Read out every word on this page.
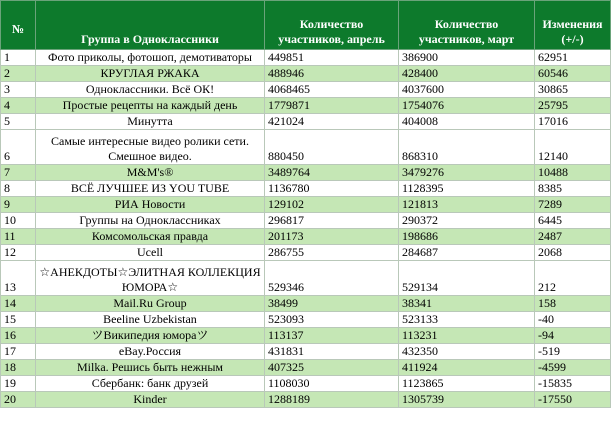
№	Группа в Одноклассники	Количество участников, апрель	Количество участников, март	Изменения (+/-)
1	Фото приколы, фотошоп, демотиваторы	449851	386900	62951
2	КРУГЛАЯ РЖАКА	488946	428400	60546
3	Одноклассники. Всё ОК!	4068465	4037600	30865
4	Простые рецепты на каждый день	1779871	1754076	25795
5	Минутта	421024	404008	17016
6	Самые интересные видео ролики сети. Смешное видео.	880450	868310	12140
7	M&M's®	3489764	3479276	10488
8	ВСЁ ЛУЧШЕЕ ИЗ YOU TUBE	1136780	1128395	8385
9	РИА Новости	129102	121813	7289
10	Группы на Одноклассниках	296817	290372	6445
11	Комсомольская правда	201173	198686	2487
12	Ucell	286755	284687	2068
13	☆АНЕКДОТЫ☆ЭЛИТНАЯ КОЛЛЕКЦИЯ ЮМОРА☆	529346	529134	212
14	Mail.Ru Group	38499	38341	158
15	Beeline Uzbekistan	523093	523133	-40
16	ツВикипедия юмораツ	113137	113231	-94
17	eBay.Россия	431831	432350	-519
18	Milka. Решись быть нежным	407325	411924	-4599
19	Сбербанк: банк друзей	1108030	1123865	-15835
20	Kinder	1288189	1305739	-17550
